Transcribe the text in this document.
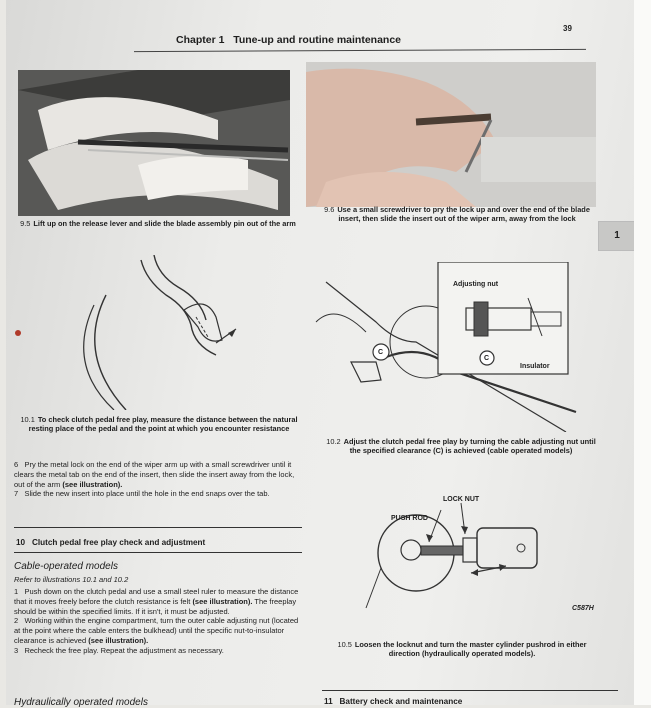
39
Chapter 1 Tune-up and routine maintenance
9.5 Lift up on the release lever and slide the blade assembly pin out of the arm
9.6 Use a small screwdriver to pry the lock up and over the end of the blade insert, then slide the insert out of the wiper arm, away from the lock
1
10.1 To check clutch pedal free play, measure the distance between the natural resting place of the pedal and the point at which you encounter resistance
Adjusting nut
Insulator
C
C
10.2 Adjust the clutch pedal free play by turning the cable adjusting nut until the specified clearance (C) is achieved (cable operated models)
LOCK NUT
PUSH ROD
C587H
10.5 Loosen the locknut and turn the master cylinder pushrod in either direction (hydraulically operated models).
6 Pry the metal lock on the end of the wiper arm up with a small screwdriver until it clears the metal tab on the end of the insert, then slide the insert away from the lock, out of the arm (see illustration).
7 Slide the new insert into place until the hole in the end snaps over the tab.
10 Clutch pedal free play check and adjustment
Cable-operated models
Refer to illustrations 10.1 and 10.2
1 Push down on the clutch pedal and use a small steel ruler to measure the distance that it moves freely before the clutch resistance is felt (see illustration). The freeplay should be within the specified limits. If it isn't, it must be adjusted.
2 Working within the engine compartment, turn the outer cable adjusting nut (located at the point where the cable enters the bulkhead) until the specific nut-to-insulator clearance is achieved (see illustration).
3 Recheck the free play. Repeat the adjustment as necessary.
Hydraulically operated models	11 Battery check and maintenance
